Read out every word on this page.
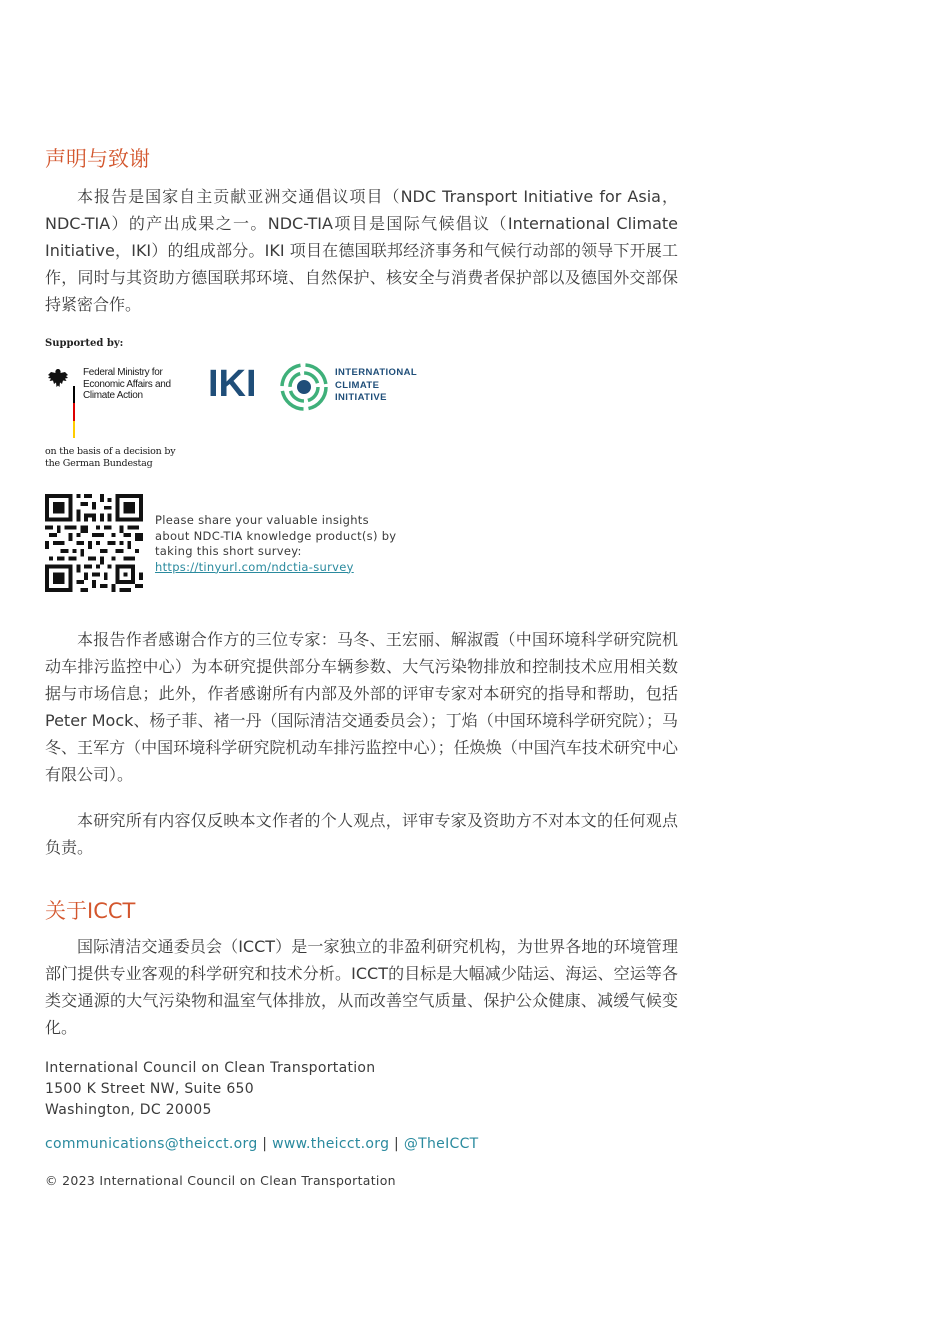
声明与致谢

本报告是国家自主贡献亚洲交通倡议项目（NDC Transport Initiative for Asia，NDC-TIA）的产出成果之一。NDC-TIA项目是国际气候倡议（International Climate Initiative，IKI）的组成部分。IKI 项目在德国联邦经济事务和气候行动部的领导下开展工作，同时与其资助方德国联邦环境、自然保护、核安全与消费者保护部以及德国外交部保持紧密合作。

Supported by:
Federal Ministry for Economic Affairs and Climate Action
on the basis of a decision by the German Bundestag
IKI	INTERNATIONAL CLIMATE INITIATIVE
Please share your valuable insights about NDC-TIA knowledge product(s) by taking this short survey:
https://tinyurl.com/ndctia-survey

本报告作者感谢合作方的三位专家：马冬、王宏丽、解淑霞（中国环境科学研究院机动车排污监控中心）为本研究提供部分车辆参数、大气污染物排放和控制技术应用相关数据与市场信息；此外，作者感谢所有内部及外部的评审专家对本研究的指导和帮助，包括Peter Mock、杨子菲、褚一丹（国际清洁交通委员会）；丁焰（中国环境科学研究院）；马冬、王军方（中国环境科学研究院机动车排污监控中心）；任焕焕（中国汽车技术研究中心有限公司）。

本研究所有内容仅反映本文作者的个人观点，评审专家及资助方不对本文的任何观点负责。

关于ICCT

国际清洁交通委员会（ICCT）是一家独立的非盈利研究机构，为世界各地的环境管理部门提供专业客观的科学研究和技术分析。ICCT的目标是大幅减少陆运、海运、空运等各类交通源的大气污染物和温室气体排放，从而改善空气质量、保护公众健康、减缓气候变化。

International Council on Clean Transportation
1500 K Street NW, Suite 650
Washington, DC 20005
communications@theicct.org | www.theicct.org | @TheICCT
© 2023 International Council on Clean Transportation
